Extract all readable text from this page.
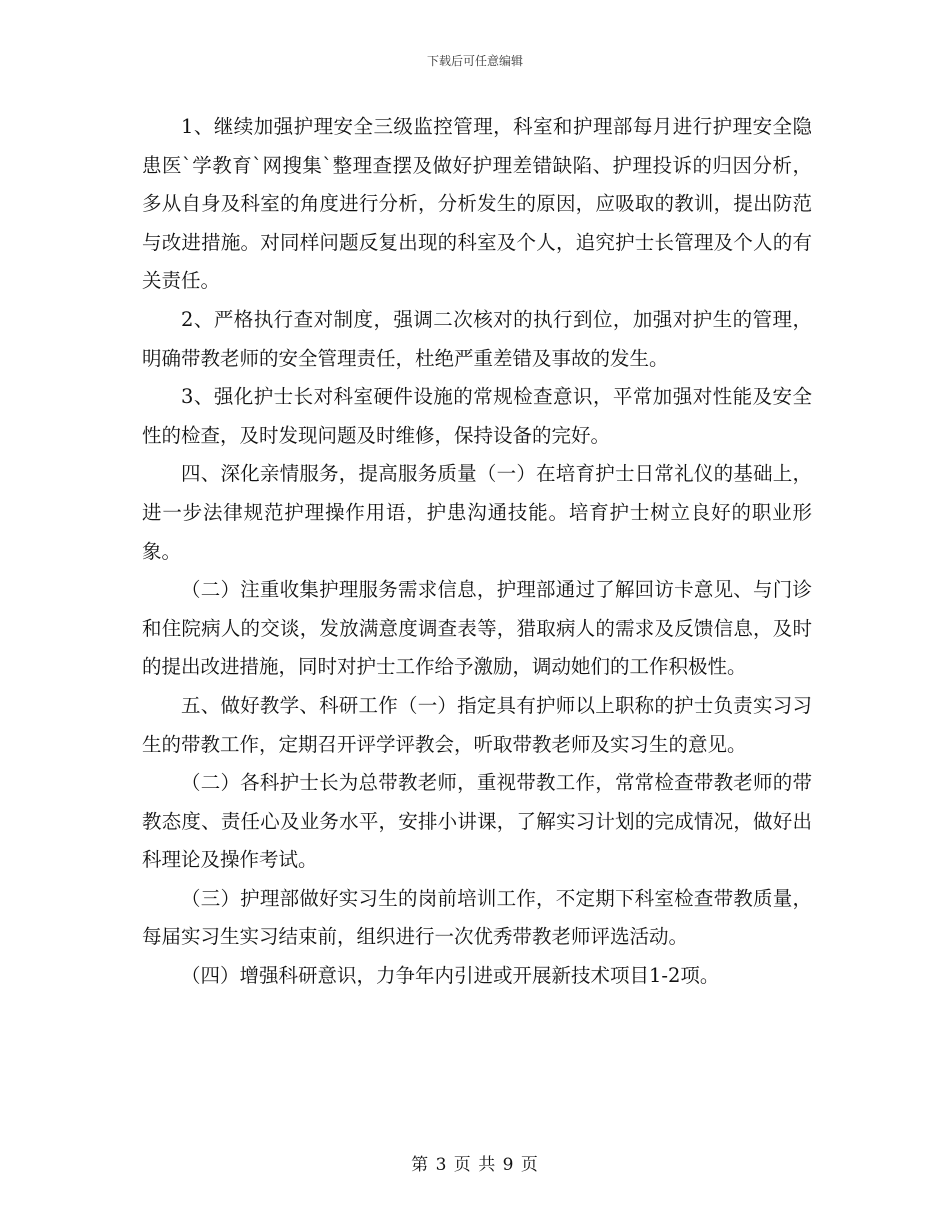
下载后可任意编辑

1、继续加强护理安全三级监控管理，科室和护理部每月进行护理安全隐患医`学教育`网搜集`整理查摆及做好护理差错缺陷、护理投诉的归因分析，多从自身及科室的角度进行分析，分析发生的原因，应吸取的教训，提出防范与改进措施。对同样问题反复出现的科室及个人，追究护士长管理及个人的有关责任。

2、严格执行查对制度，强调二次核对的执行到位，加强对护生的管理，明确带教老师的安全管理责任，杜绝严重差错及事故的发生。

3、强化护士长对科室硬件设施的常规检查意识，平常加强对性能及安全性的检查，及时发现问题及时维修，保持设备的完好。

四、深化亲情服务，提高服务质量（一）在培育护士日常礼仪的基础上，进一步法律规范护理操作用语，护患沟通技能。培育护士树立良好的职业形象。

（二）注重收集护理服务需求信息，护理部通过了解回访卡意见、与门诊和住院病人的交谈，发放满意度调查表等，猎取病人的需求及反馈信息，及时的提出改进措施，同时对护士工作给予激励，调动她们的工作积极性。

五、做好教学、科研工作（一）指定具有护师以上职称的护士负责实习习生的带教工作，定期召开评学评教会，听取带教老师及实习生的意见。

（二）各科护士长为总带教老师，重视带教工作，常常检查带教老师的带教态度、责任心及业务水平，安排小讲课，了解实习计划的完成情况，做好出科理论及操作考试。

（三）护理部做好实习生的岗前培训工作，不定期下科室检查带教质量，每届实习生实习结束前，组织进行一次优秀带教老师评选活动。

（四）增强科研意识，力争年内引进或开展新技术项目1-2项。

第 3 页 共 9 页
